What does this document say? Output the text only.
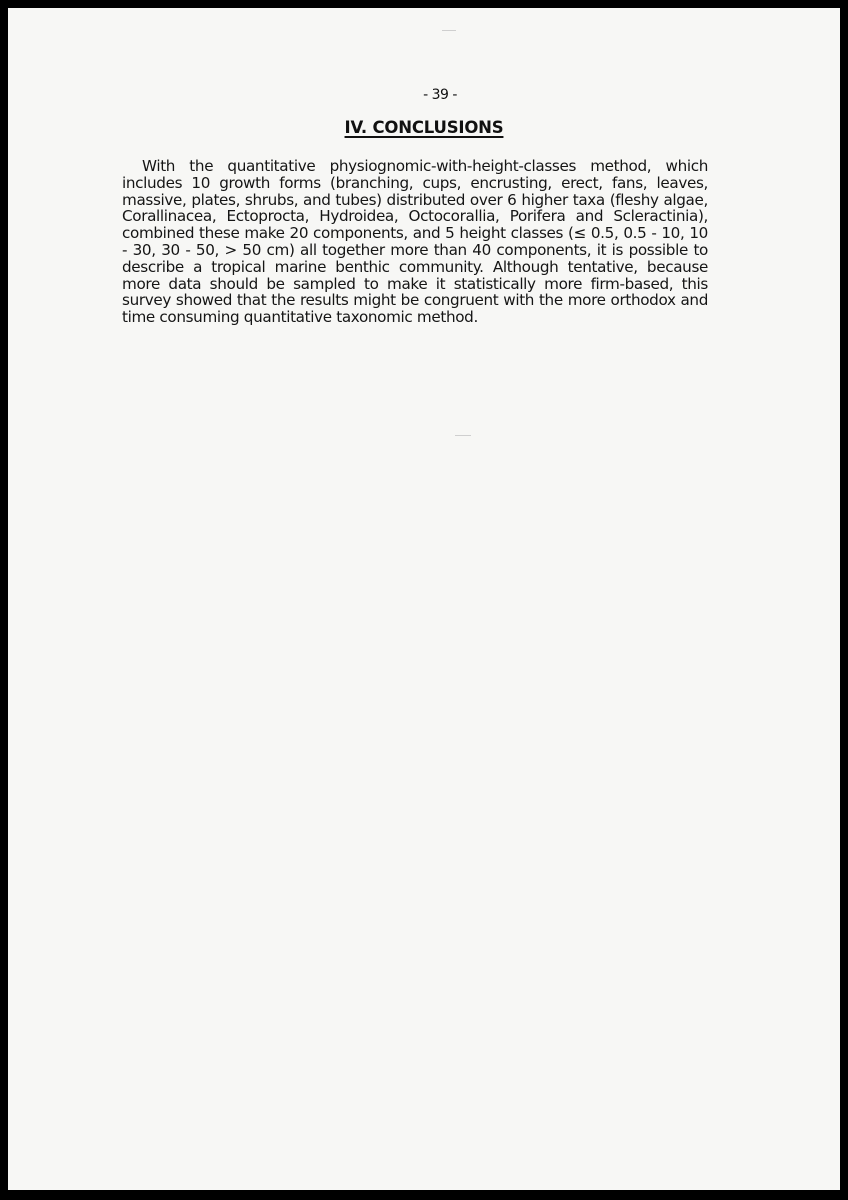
- 39 -

IV. CONCLUSIONS

With the quantitative physiognomic-with-height-classes method, which includes 10 growth forms (branching, cups, encrusting, erect, fans, leaves, massive, plates, shrubs, and tubes) distributed over 6 higher taxa (fleshy algae, Corallinacea, Ectoprocta, Hydroidea, Octocorallia, Porifera and Scleractinia), combined these make 20 components, and 5 height classes (≤ 0.5, 0.5 - 10, 10 - 30, 30 - 50, > 50 cm) all together more than 40 components, it is possible to describe a tropical marine benthic community. Although tentative, because more data should be sampled to make it statistically more firm-based, this survey showed that the results might be congruent with the more orthodox and time consuming quantitative taxonomic method.
